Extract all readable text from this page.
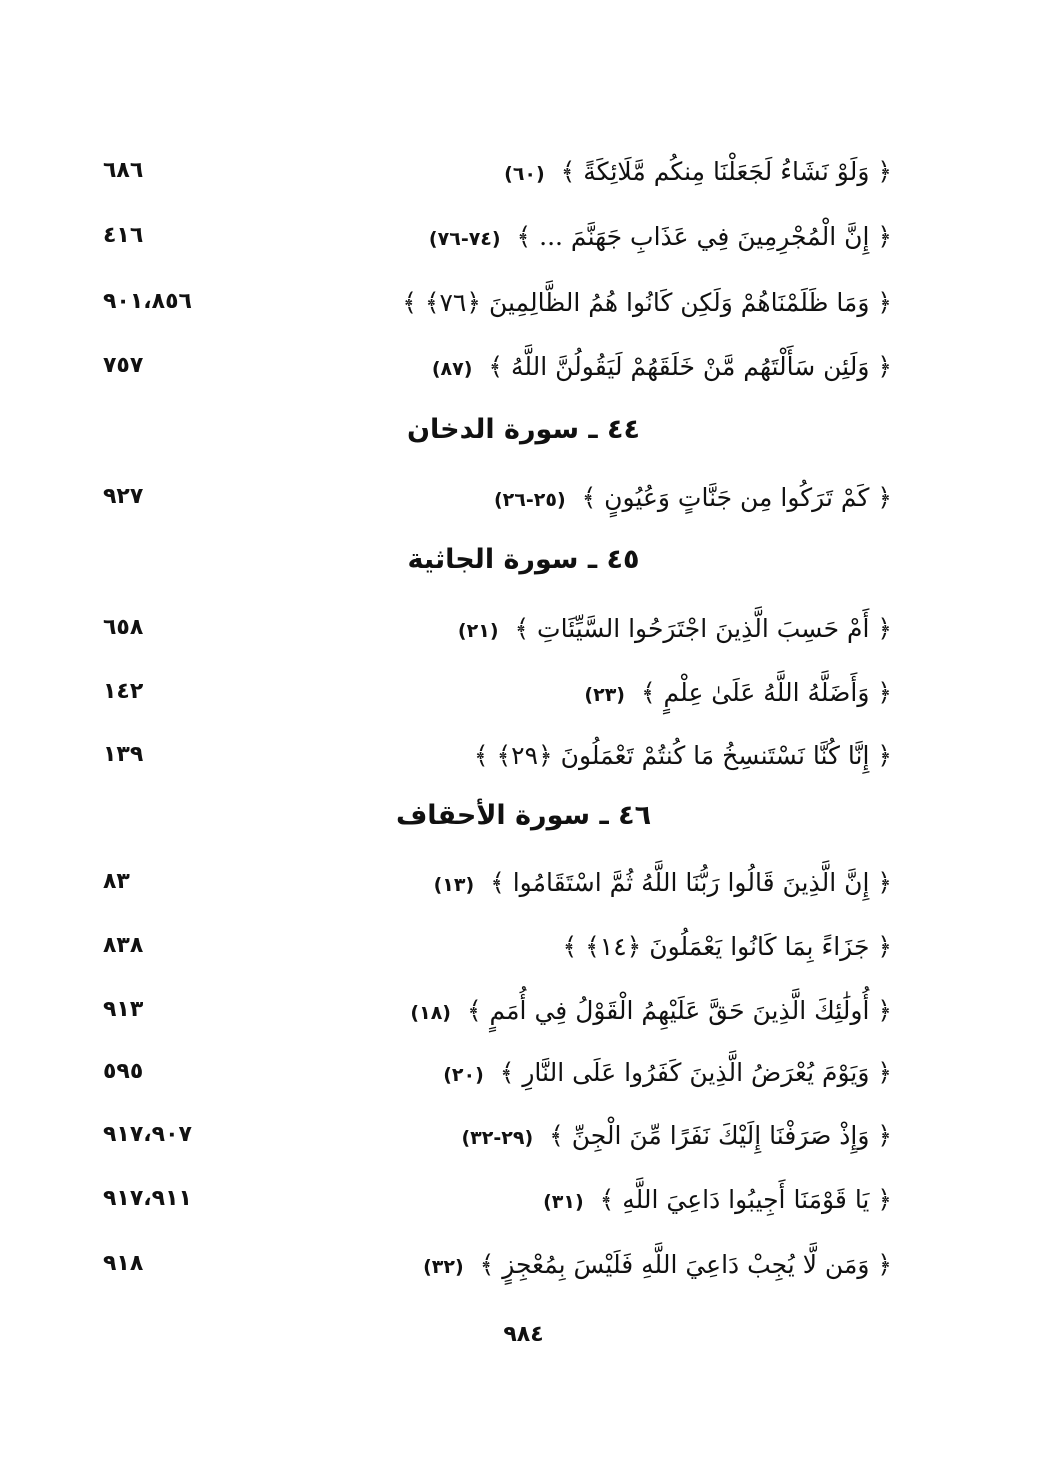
﴿ وَلَوْ نَشَاءُ لَجَعَلْنَا مِنكُم مَّلَائِكَةً ﴾ (٦٠)
٦٨٦
﴿ إِنَّ الْمُجْرِمِينَ فِي عَذَابِ جَهَنَّمَ ... ﴾ (٧٤-٧٦)
٤١٦
﴿ وَمَا ظَلَمْنَاهُمْ وَلَكِن كَانُوا هُمُ الظَّالِمِينَ ﴿٧٦﴾ ﴾
٩٠١،٨٥٦
﴿ وَلَئِن سَأَلْتَهُم مَّنْ خَلَقَهُمْ لَيَقُولُنَّ اللَّهُ ﴾ (٨٧)
٧٥٧
٤٤ ـ سورة الدخان
﴿ كَمْ تَرَكُوا مِن جَنَّاتٍ وَعُيُونٍ ﴾ (٢٥-٢٦)
٩٢٧
٤٥ ـ سورة الجاثية
﴿ أَمْ حَسِبَ الَّذِينَ اجْتَرَحُوا السَّيِّئَاتِ ﴾ (٢١)
٦٥٨
﴿ وَأَضَلَّهُ اللَّهُ عَلَىٰ عِلْمٍ ﴾ (٢٣)
١٤٢
﴿ إِنَّا كُنَّا نَسْتَنسِخُ مَا كُنتُمْ تَعْمَلُونَ ﴿٢٩﴾ ﴾
١٣٩
٤٦ ـ سورة الأحقاف
﴿ إِنَّ الَّذِينَ قَالُوا رَبُّنَا اللَّهُ ثُمَّ اسْتَقَامُوا ﴾ (١٣)
٨٣
﴿ جَزَاءً بِمَا كَانُوا يَعْمَلُونَ ﴿١٤﴾ ﴾
٨٣٨
﴿ أُولَٰئِكَ الَّذِينَ حَقَّ عَلَيْهِمُ الْقَوْلُ فِي أُمَمٍ ﴾ (١٨)
٩١٣
﴿ وَيَوْمَ يُعْرَضُ الَّذِينَ كَفَرُوا عَلَى النَّارِ ﴾ (٢٠)
٥٩٥
﴿ وَإِذْ صَرَفْنَا إِلَيْكَ نَفَرًا مِّنَ الْجِنِّ ﴾ (٢٩-٣٢)
٩١٧،٩٠٧
﴿ يَا قَوْمَنَا أَجِيبُوا دَاعِيَ اللَّهِ ﴾ (٣١)
٩١٧،٩١١
﴿ وَمَن لَّا يُجِبْ دَاعِيَ اللَّهِ فَلَيْسَ بِمُعْجِزٍ ﴾ (٣٢)
٩١٨
٩٨٤
